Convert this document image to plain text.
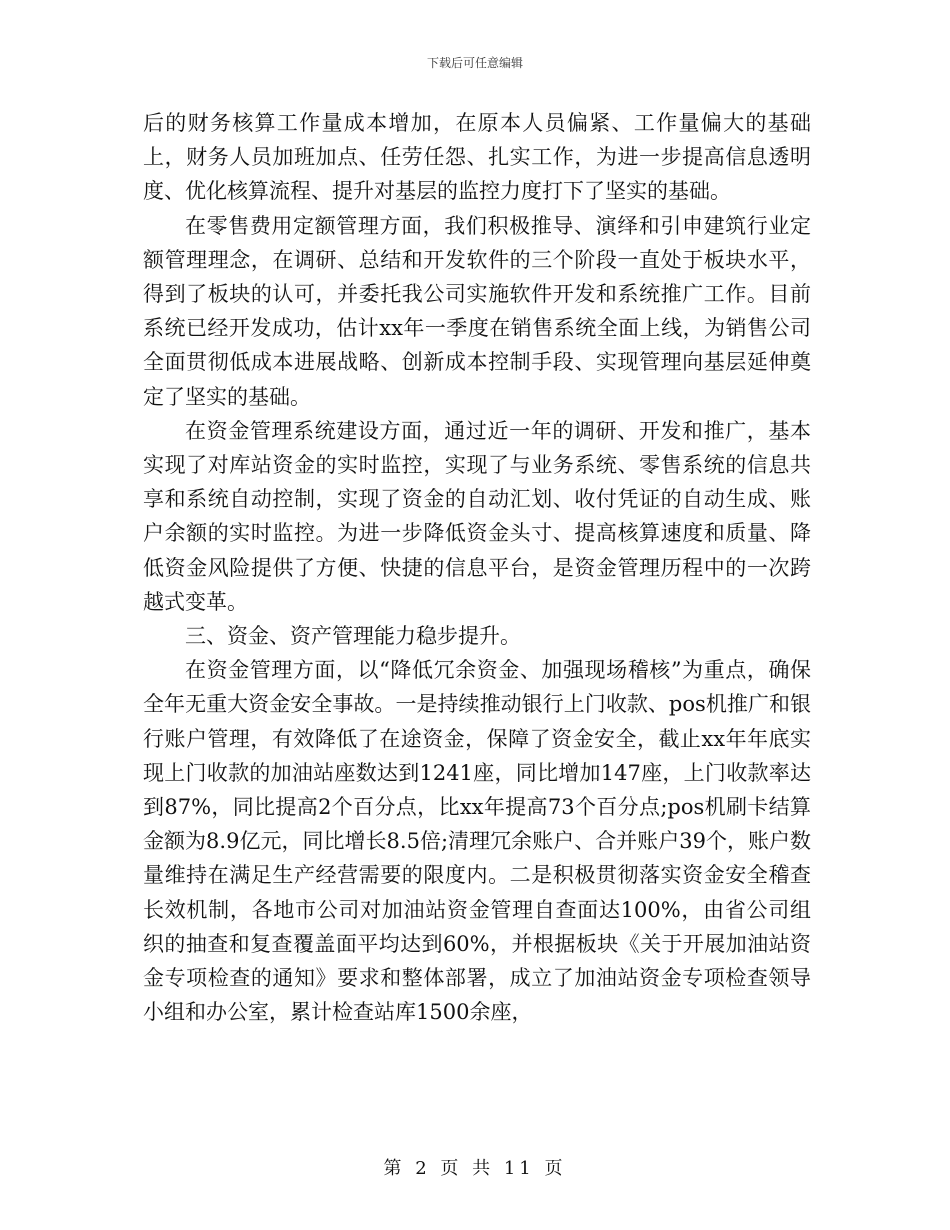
下载后可任意编辑

后的财务核算工作量成本增加，在原本人员偏紧、工作量偏大的基础上，财务人员加班加点、任劳任怨、扎实工作，为进一步提高信息透明度、优化核算流程、提升对基层的监控力度打下了坚实的基础。

在零售费用定额管理方面，我们积极推导、演绎和引申建筑行业定额管理理念，在调研、总结和开发软件的三个阶段一直处于板块水平，得到了板块的认可，并委托我公司实施软件开发和系统推广工作。目前系统已经开发成功，估计xx年一季度在销售系统全面上线，为销售公司全面贯彻低成本进展战略、创新成本控制手段、实现管理向基层延伸奠定了坚实的基础。

在资金管理系统建设方面，通过近一年的调研、开发和推广，基本实现了对库站资金的实时监控，实现了与业务系统、零售系统的信息共享和系统自动控制，实现了资金的自动汇划、收付凭证的自动生成、账户余额的实时监控。为进一步降低资金头寸、提高核算速度和质量、降低资金风险提供了方便、快捷的信息平台，是资金管理历程中的一次跨越式变革。

三、资金、资产管理能力稳步提升。

在资金管理方面，以“降低冗余资金、加强现场稽核”为重点，确保全年无重大资金安全事故。一是持续推动银行上门收款、pos机推广和银行账户管理，有效降低了在途资金，保障了资金安全，截止xx年年底实现上门收款的加油站座数达到1241座，同比增加147座，上门收款率达到87%，同比提高2个百分点，比xx年提高73个百分点;pos机刷卡结算金额为8.9亿元，同比增长8.5倍;清理冗余账户、合并账户39个，账户数量维持在满足生产经营需要的限度内。二是积极贯彻落实资金安全稽查长效机制，各地市公司对加油站资金管理自查面达100%，由省公司组织的抽查和复查覆盖面平均达到60%，并根据板块《关于开展加油站资金专项检查的通知》要求和整体部署，成立了加油站资金专项检查领导小组和办公室，累计检查站库1500余座，

第 2 页 共 11 页
